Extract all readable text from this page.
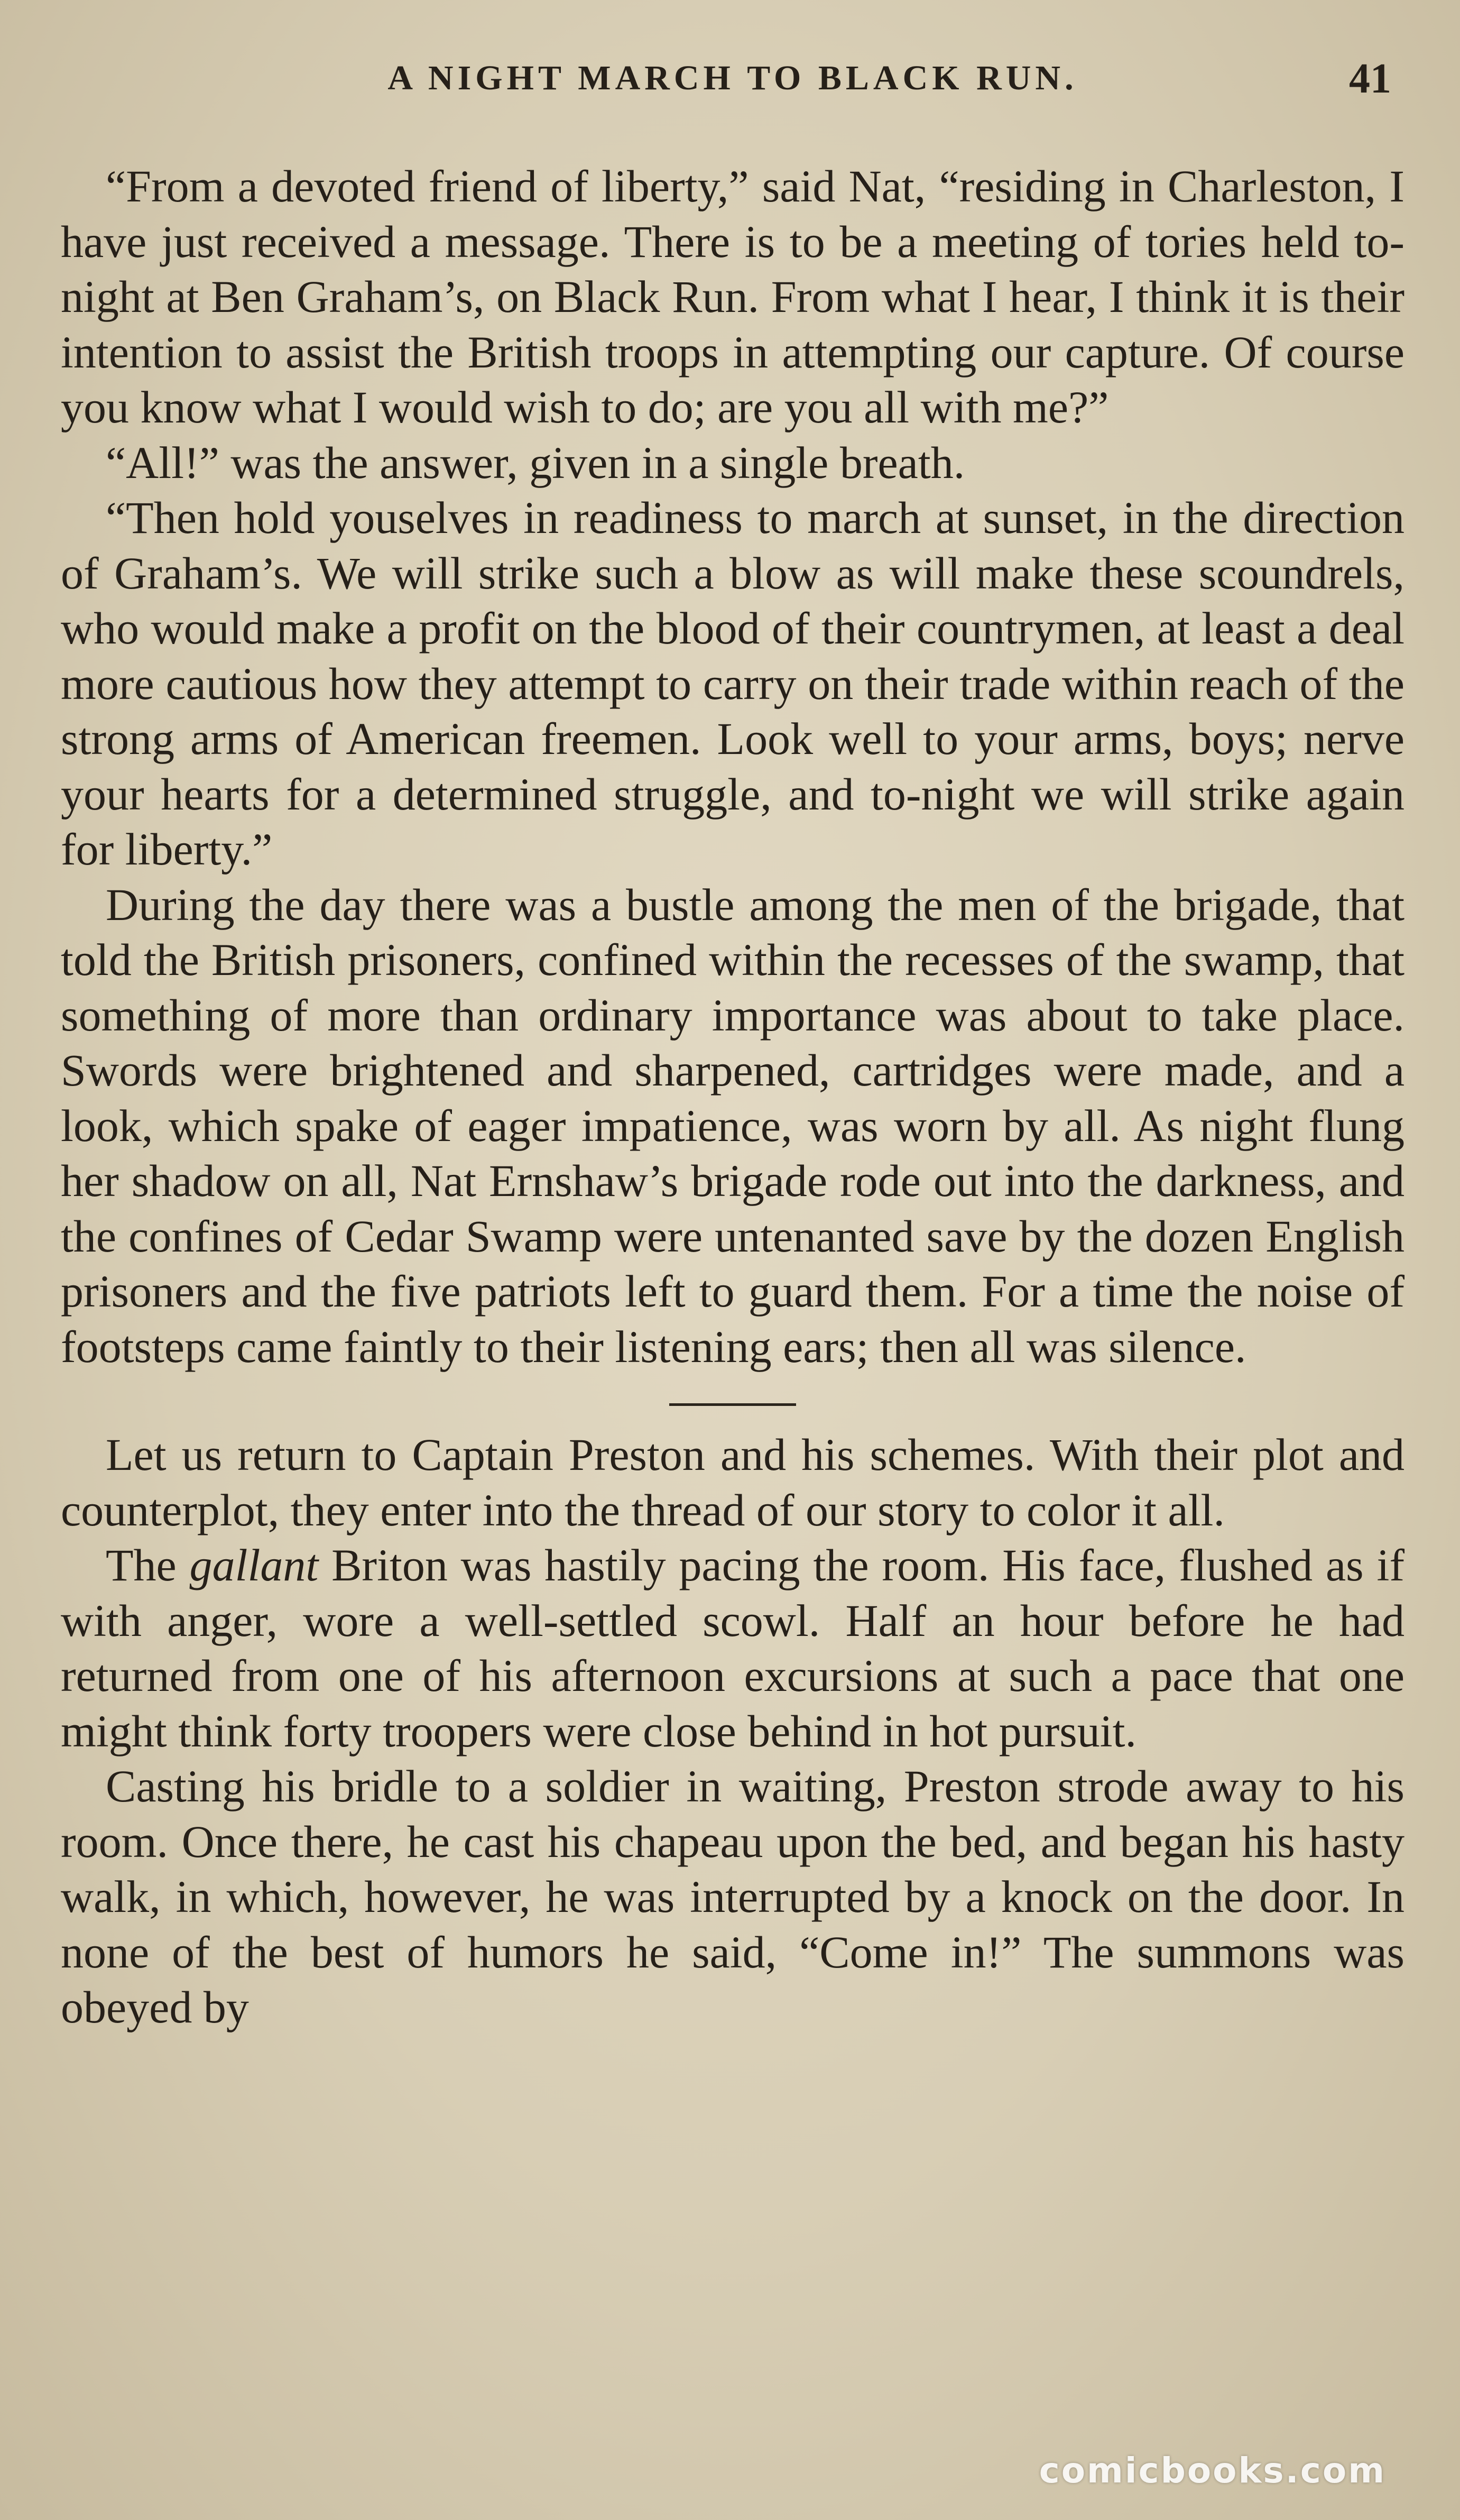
A NIGHT MARCH TO BLACK RUN.	41

“From a devoted friend of liberty,” said Nat, “residing in Charleston, I have just received a message. There is to be a meeting of tories held to-night at Ben Graham’s, on Black Run. From what I hear, I think it is their intention to assist the British troops in attempting our capture. Of course you know what I would wish to do; are you all with me?”

“All!” was the answer, given in a single breath.

“Then hold youselves in readiness to march at sunset, in the direction of Graham’s. We will strike such a blow as will make these scoundrels, who would make a profit on the blood of their countrymen, at least a deal more cautious how they attempt to carry on their trade within reach of the strong arms of American freemen. Look well to your arms, boys; nerve your hearts for a determined struggle, and to-night we will strike again for liberty.”

During the day there was a bustle among the men of the brigade, that told the British prisoners, confined within the recesses of the swamp, that something of more than ordinary importance was about to take place. Swords were brightened and sharpened, cartridges were made, and a look, which spake of eager impatience, was worn by all. As night flung her shadow on all, Nat Ernshaw’s brigade rode out into the darkness, and the confines of Cedar Swamp were untenanted save by the dozen English prisoners and the five patriots left to guard them. For a time the noise of footsteps came faintly to their listening ears; then all was silence.

Let us return to Captain Preston and his schemes. With their plot and counterplot, they enter into the thread of our story to color it all.

The gallant Briton was hastily pacing the room. His face, flushed as if with anger, wore a well-settled scowl. Half an hour before he had returned from one of his afternoon excursions at such a pace that one might think forty troopers were close behind in hot pursuit.

Casting his bridle to a soldier in waiting, Preston strode away to his room. Once there, he cast his chapeau upon the bed, and began his hasty walk, in which, however, he was interrupted by a knock on the door. In none of the best of humors he said, “Come in!” The summons was obeyed by

comicbooks.com
